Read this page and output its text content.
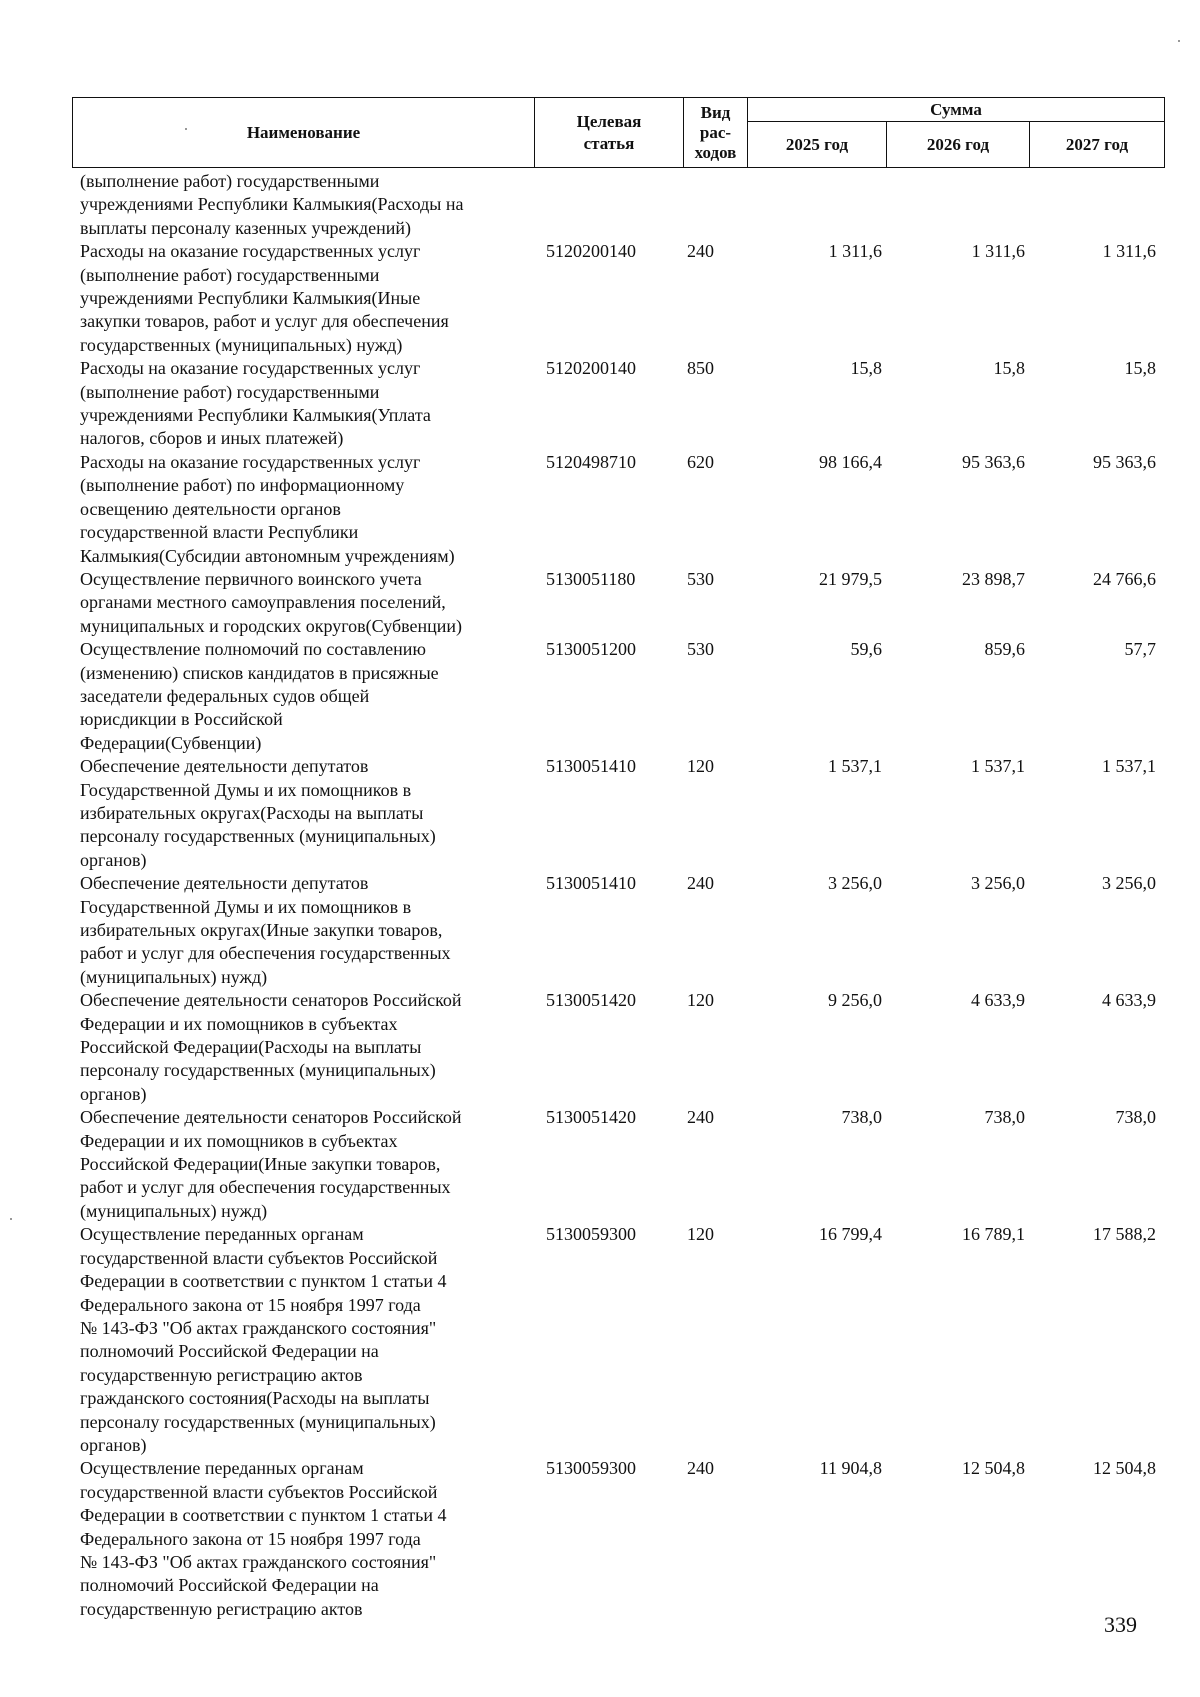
Наименование	Целевая
статья	Вид
рас-
ходов	Сумма		
			2025 год	2026 год	2027 год
(выполнение работ) государственными
учреждениями Республики Калмыкия(Расходы на
выплаты персоналу казенных учреждений)
Расходы на оказание государственных услуг
(выполнение работ) государственными
учреждениями Республики Калмыкия(Иные
закупки товаров, работ и услуг для обеспечения
государственных (муниципальных) нужд)
5120200140	240	1 311,6	1 311,6	1 311,6
Расходы на оказание государственных услуг
(выполнение работ) государственными
учреждениями Республики Калмыкия(Уплата
налогов, сборов и иных платежей)
5120200140	850	15,8	15,8	15,8
Расходы на оказание государственных услуг
(выполнение работ) по информационному
освещению деятельности органов
государственной власти Республики
Калмыкия(Субсидии автономным учреждениям)
5120498710	620	98 166,4	95 363,6	95 363,6
Осуществление первичного воинского учета
органами местного самоуправления поселений,
муниципальных и городских округов(Субвенции)
5130051180	530	21 979,5	23 898,7	24 766,6
Осуществление полномочий по составлению
(изменению) списков кандидатов в присяжные
заседатели федеральных судов общей
юрисдикции в Российской
Федерации(Субвенции)
5130051200	530	59,6	859,6	57,7
Обеспечение деятельности депутатов
Государственной Думы и их помощников в
избирательных округах(Расходы на выплаты
персоналу государственных (муниципальных)
органов)
5130051410	120	1 537,1	1 537,1	1 537,1
Обеспечение деятельности депутатов
Государственной Думы и их помощников в
избирательных округах(Иные закупки товаров,
работ и услуг для обеспечения государственных
(муниципальных) нужд)
5130051410	240	3 256,0	3 256,0	3 256,0
Обеспечение деятельности сенаторов Российской
Федерации и их помощников в субъектах
Российской Федерации(Расходы на выплаты
персоналу государственных (муниципальных)
органов)
5130051420	120	9 256,0	4 633,9	4 633,9
Обеспечение деятельности сенаторов Российской
Федерации и их помощников в субъектах
Российской Федерации(Иные закупки товаров,
работ и услуг для обеспечения государственных
(муниципальных) нужд)
5130051420	240	738,0	738,0	738,0
Осуществление переданных органам
государственной власти субъектов Российской
Федерации в соответствии с пунктом 1 статьи 4
Федерального закона от 15 ноября 1997 года
№ 143-ФЗ "Об актах гражданского состояния"
полномочий Российской Федерации на
государственную регистрацию актов
гражданского состояния(Расходы на выплаты
персоналу государственных (муниципальных)
органов)
5130059300	120	16 799,4	16 789,1	17 588,2
Осуществление переданных органам
государственной власти субъектов Российской
Федерации в соответствии с пунктом 1 статьи 4
Федерального закона от 15 ноября 1997 года
№ 143-ФЗ "Об актах гражданского состояния"
полномочий Российской Федерации на
государственную регистрацию актов
5130059300	240	11 904,8	12 504,8	12 504,8
339
